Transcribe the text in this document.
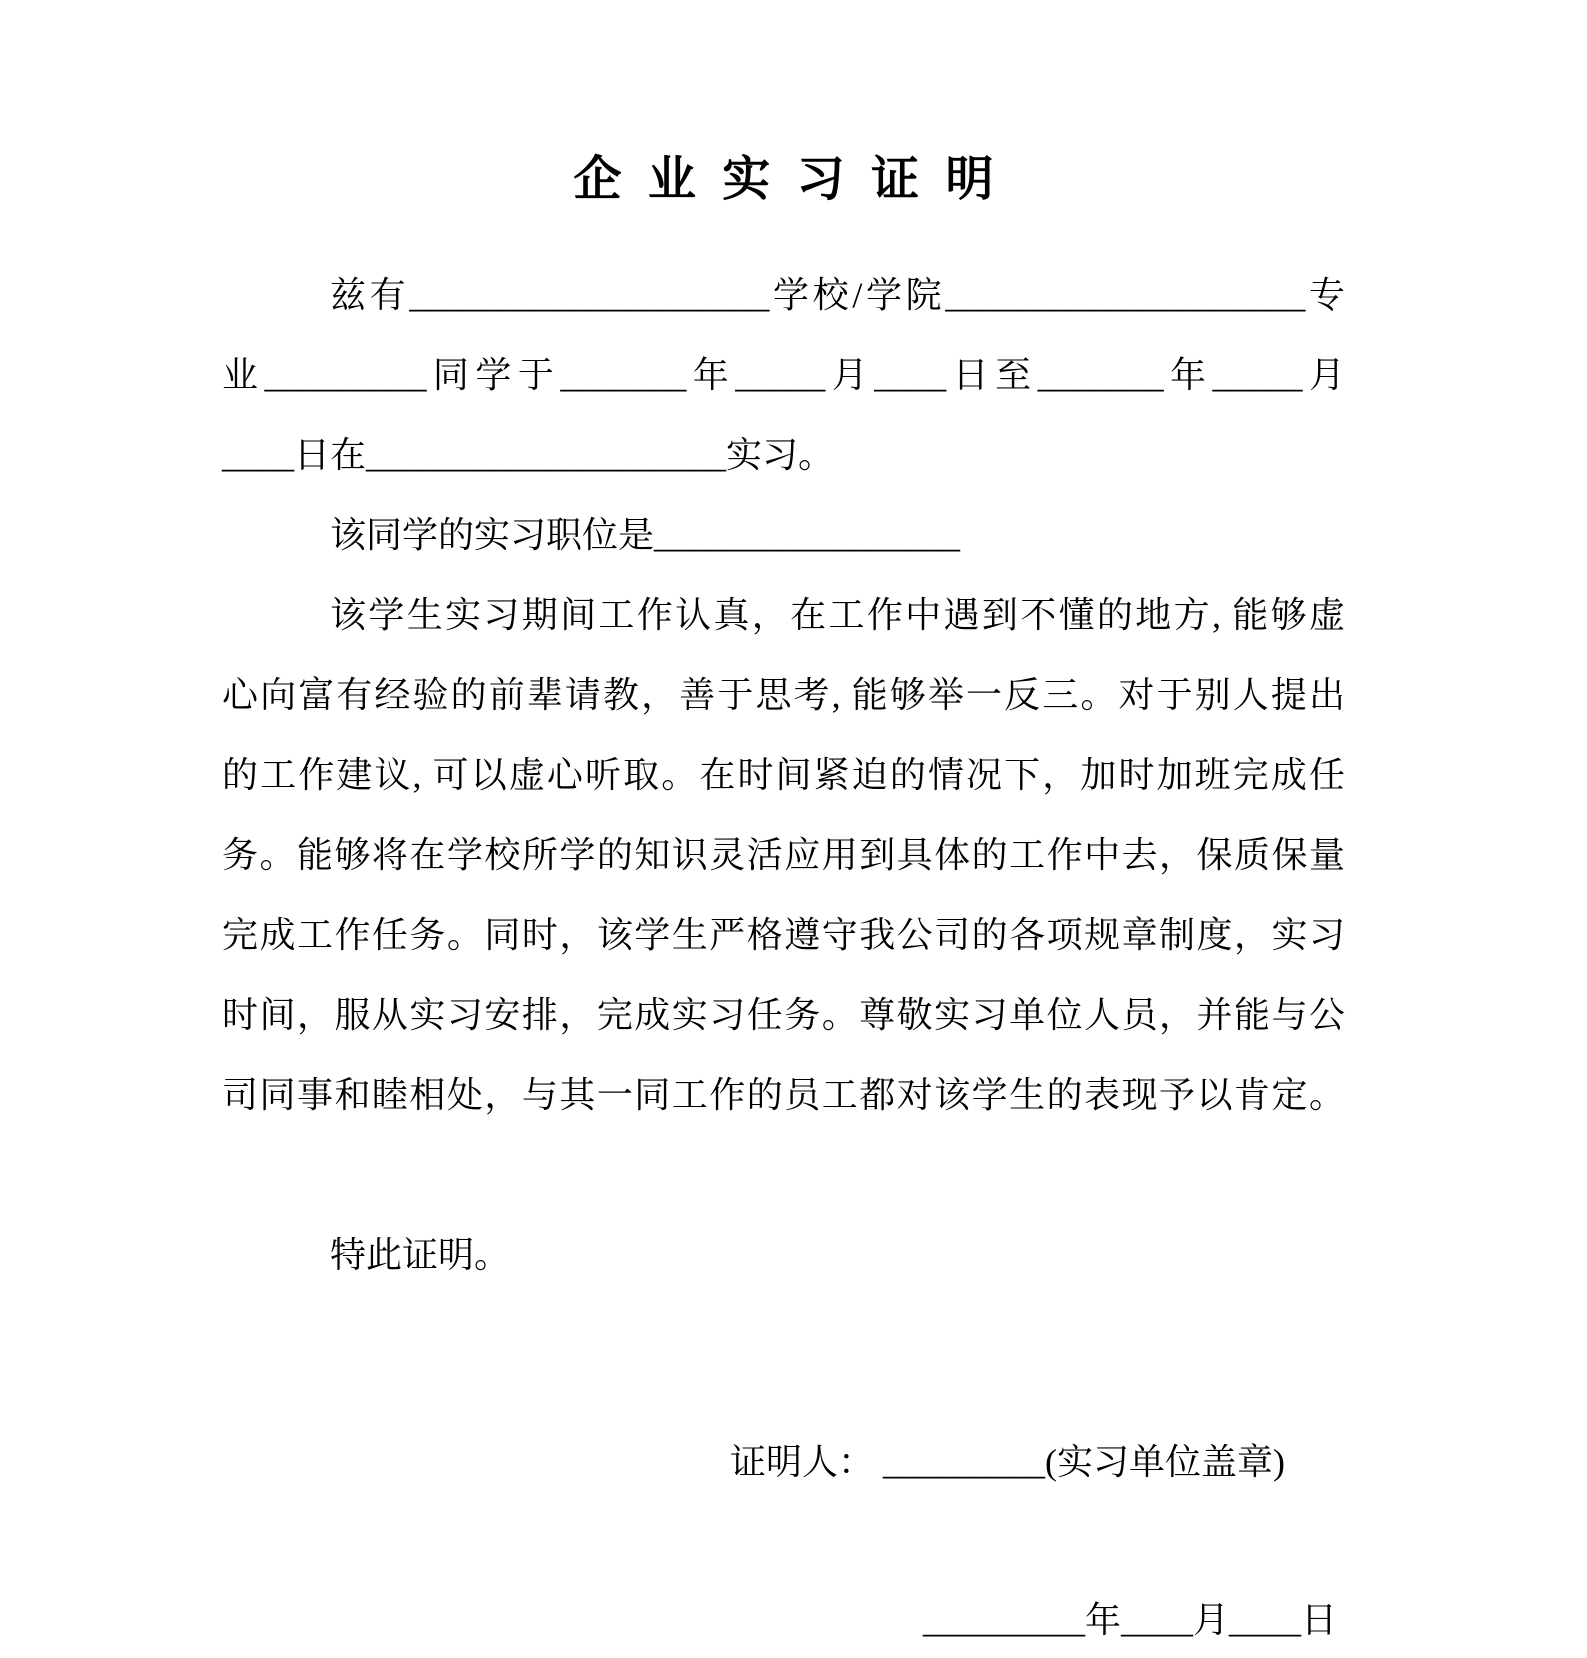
企业实习证明
兹有____________________学校/学院____________________专
业_________同学于_______年_____月____日至_______年_____月
____日在____________________实习。
该同学的实习职位是_________________
该学生实习期间工作认真，在工作中遇到不懂的地方, 能够虚
心向富有经验的前辈请教，善于思考, 能够举一反三。对于别人提出
的工作建议, 可以虚心听取。在时间紧迫的情况下，加时加班完成任
务。能够将在学校所学的知识灵活应用到具体的工作中去，保质保量
完成工作任务。同时，该学生严格遵守我公司的各项规章制度，实习
时间，服从实习安排，完成实习任务。尊敬实习单位人员，并能与公
司同事和睦相处，与其一同工作的员工都对该学生的表现予以肯定。
特此证明。
证明人： _________(实习单位盖章)
_________年____月____日
